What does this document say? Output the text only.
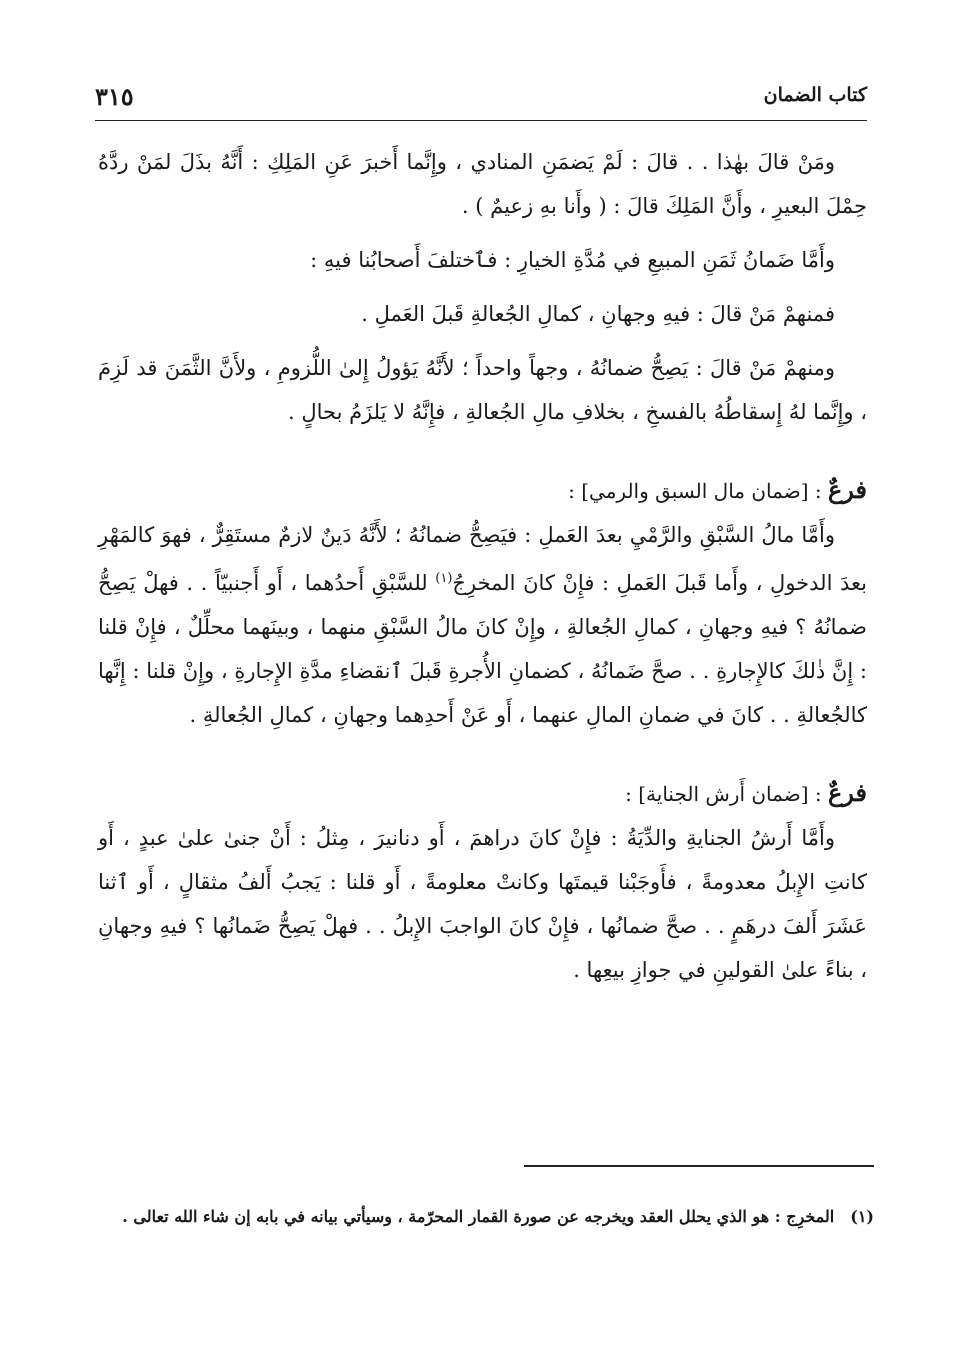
كتاب الضمان
٣١٥

ومَنْ قالَ بهٰذا . . قالَ : لَمْ يَضمَنِ المنادي ، وإِنَّما أَخبرَ عَنِ المَلِكِ : أَنَّهُ بذَلَ لمَنْ ردَّهُ حِمْلَ البعيرِ ، وأَنَّ المَلِكَ قالَ : ( وأَنا بهِ زعيمٌ ) .

وأَمَّا ضَمانُ ثَمَنِ المبيعِ في مُدَّةِ الخيارِ : فٱختلفَ أَصحابُنا فيهِ :

فمنهمْ مَنْ قالَ : فيهِ وجهانِ ، كمالِ الجُعالةِ قَبلَ العَملِ .

ومنهمْ مَنْ قالَ : يَصِحُّ ضمانُهُ ، وجهاً واحداً ؛ لأَنَّهُ يَؤولُ إِلىٰ اللُّزومِ ، ولأَنَّ الثَّمَنَ قد لَزِمَ ، وإِنَّما لهُ إِسقاطُهُ بالفسخِ ، بخلافِ مالِ الجُعالةِ ، فإِنَّهُ لا يَلزَمُ بحالٍ .

فرعٌ : [ضمان مال السبق والرمي] :

وأَمَّا مالُ السَّبْقِ والرَّمْيِ بعدَ العَملِ : فيَصِحُّ ضمانُهُ ؛ لأَنَّهُ دَينٌ لازمٌ مستَقِرٌّ ، فهوَ كالمَهْرِ بعدَ الدخولِ ، وأَما قَبلَ العَملِ : فإِنْ كانَ المخرِجُ$^{(١)}$ للسَّبْقِ أَحدُهما ، أَو أَجنبيّاً . . فهلْ يَصِحُّ ضمانُهُ ؟ فيهِ وجهانِ ، كمالِ الجُعالةِ ، وإِنْ كانَ مالُ السَّبْقِ منهما ، وبينَهما محلِّلٌ ، فإِنْ قلنا : إِنَّ ذٰلكَ كالإِجارةِ . . صحَّ ضَمانُهُ ، كضمانِ الأُجرةِ قَبلَ ٱنقضاءِ مدَّةِ الإِجارةِ ، وإِنْ قلنا : إِنَّها كالجُعالةِ . . كانَ في ضمانِ المالِ عنهما ، أَو عَنْ أَحدِهما وجهانِ ، كمالِ الجُعالةِ .

فرعٌ : [ضمان أَرش الجناية] :

وأَمَّا أَرشُ الجنايةِ والدِّيَةُ : فإِنْ كانَ دراهمَ ، أَو دنانيرَ ، مِثلُ : أَنْ جنىٰ علىٰ عبدٍ ، أَو كانتِ الإِبلُ معدومةً ، فأَوجَبْنا قيمتَها وكانتْ معلومةً ، أَو قلنا : يَجبُ أَلفُ مثقالٍ ، أَو ٱثنا عَشَرَ أَلفَ درهَمٍ . . صحَّ ضمانُها ، فإِنْ كانَ الواجبَ الإِبلُ . . فهلْ يَصِحُّ ضَمانُها ؟ فيهِ وجهانِ ، بناءً علىٰ القولينِ في جوازِ بيعِها .

(١)المخرِج : هو الذي يحلل العقد ويخرجه عن صورة القمار المحرّمة ، وسيأتي بيانه في بابه إن شاء الله تعالى .
